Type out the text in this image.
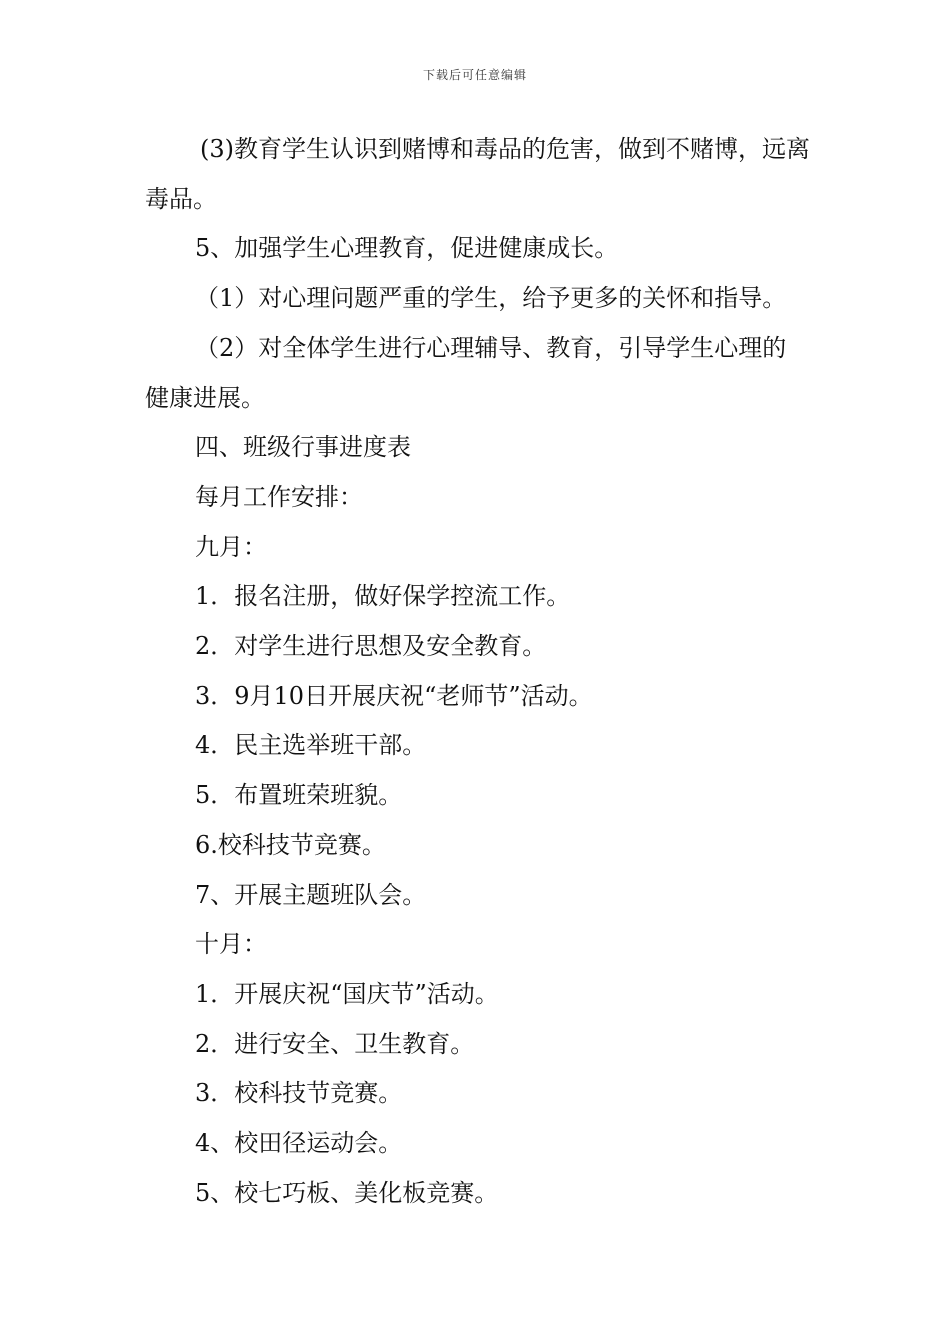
下载后可任意编辑

(3)教育学生认识到赌博和毒品的危害，做到不赌博，远离毒品。

5、加强学生心理教育，促进健康成长。

（1）对心理问题严重的学生，给予更多的关怀和指导。

（2）对全体学生进行心理辅导、教育，引导学生心理的健康进展。

四、班级行事进度表

每月工作安排：

九月：

1．报名注册，做好保学控流工作。

2．对学生进行思想及安全教育。

3．9月10日开展庆祝“老师节”活动。

4．民主选举班干部。

5．布置班荣班貌。

6.校科技节竞赛。

7、开展主题班队会。

十月：

1．开展庆祝“国庆节”活动。

2．进行安全、卫生教育。

3．校科技节竞赛。

4、校田径运动会。

5、校七巧板、美化板竞赛。
